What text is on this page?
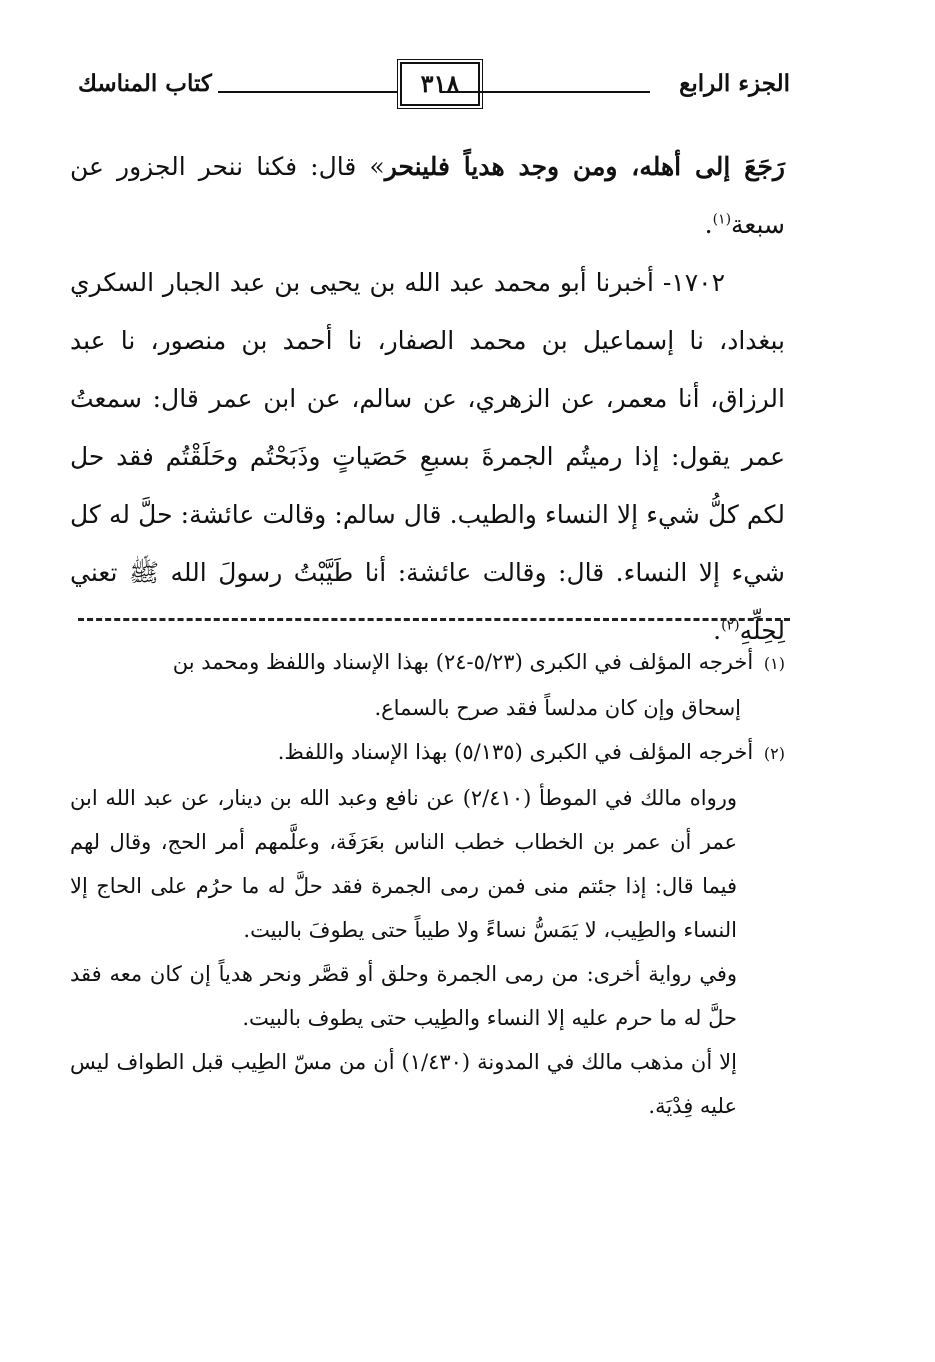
الجزء الرابع
٣١٨
كتاب المناسك

رَجَعَ إلى أهله، ومن وجد هدياً فلينحر» قال: فكنا ننحر الجزور عن سبعة$^{(١)}$.

١٧٠٢- أخبرنا أبو محمد عبد الله بن يحيى بن عبد الجبار السكري ببغداد، نا إسماعيل بن محمد الصفار، نا أحمد بن منصور، نا عبد الرزاق، أنا معمر، عن الزهري، عن سالم، عن ابن عمر قال: سمعتُ عمر يقول: إذا رميتُم الجمرةَ بسبعِ حَصَياتٍ وذَبَحْتُم وحَلَقْتُم فقد حل لكم كلُّ شيء إلا النساء والطيب. قال سالم: وقالت عائشة: حلَّ له كل شيء إلا النساء. قال: وقالت عائشة: أنا طَيَّبْتُ رسولَ الله ﷺ تعني لِحِلِّهِ$^{(٢)}$.

(١) أخرجه المؤلف في الكبرى (٥/٢٣-٢٤) بهذا الإسناد واللفظ ومحمد بن

إسحاق وإن كان مدلساً فقد صرح بالسماع.

(٢) أخرجه المؤلف في الكبرى (٥/١٣٥) بهذا الإسناد واللفظ.

ورواه مالك في الموطأ (٢/٤١٠) عن نافع وعبد الله بن دينار، عن عبد الله ابن عمر أن عمر بن الخطاب خطب الناس بعَرَفَة، وعلَّمهم أمر الحج، وقال لهم فيما قال: إذا جئتم منى فمن رمى الجمرة فقد حلَّ له ما حرُم على الحاج إلا النساء والطِيب، لا يَمَسُّ نساءً ولا طيباً حتى يطوفَ بالبيت.

وفي رواية أخرى: من رمى الجمرة وحلق أو قصَّر ونحر هدياً إن كان معه فقد حلَّ له ما حرم عليه إلا النساء والطِيب حتى يطوف بالبيت.

إلا أن مذهب مالك في المدونة (١/٤٣٠) أن من مسّ الطِيب قبل الطواف ليس عليه فِدْيَة.
